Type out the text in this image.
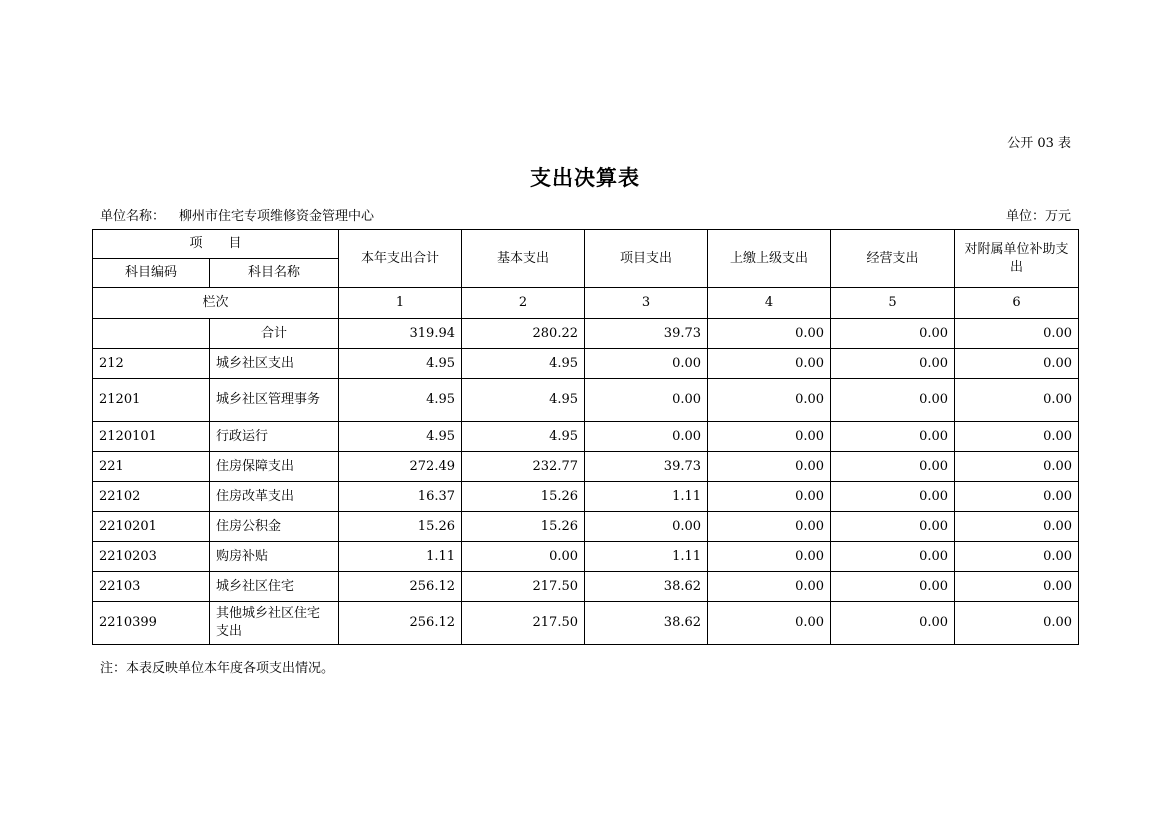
公开 03 表
支出决算表
单位名称： 柳州市住宅专项维修资金管理中心	单位：万元
项　　目		本年支出合计	基本支出	项目支出	上缴上级支出	经营支出	对附属单位补助支出
科目编码	科目名称						
栏次		1	2	3	4	5	6
	合计	319.94	280.22	39.73	0.00	0.00	0.00
212	城乡社区支出	4.95	4.95	0.00	0.00	0.00	0.00
21201	城乡社区管理事务	4.95	4.95	0.00	0.00	0.00	0.00
2120101	行政运行	4.95	4.95	0.00	0.00	0.00	0.00
221	住房保障支出	272.49	232.77	39.73	0.00	0.00	0.00
22102	住房改革支出	16.37	15.26	1.11	0.00	0.00	0.00
2210201	住房公积金	15.26	15.26	0.00	0.00	0.00	0.00
2210203	购房补贴	1.11	0.00	1.11	0.00	0.00	0.00
22103	城乡社区住宅	256.12	217.50	38.62	0.00	0.00	0.00
2210399	其他城乡社区住宅支出	256.12	217.50	38.62	0.00	0.00	0.00
注：本表反映单位本年度各项支出情况。
